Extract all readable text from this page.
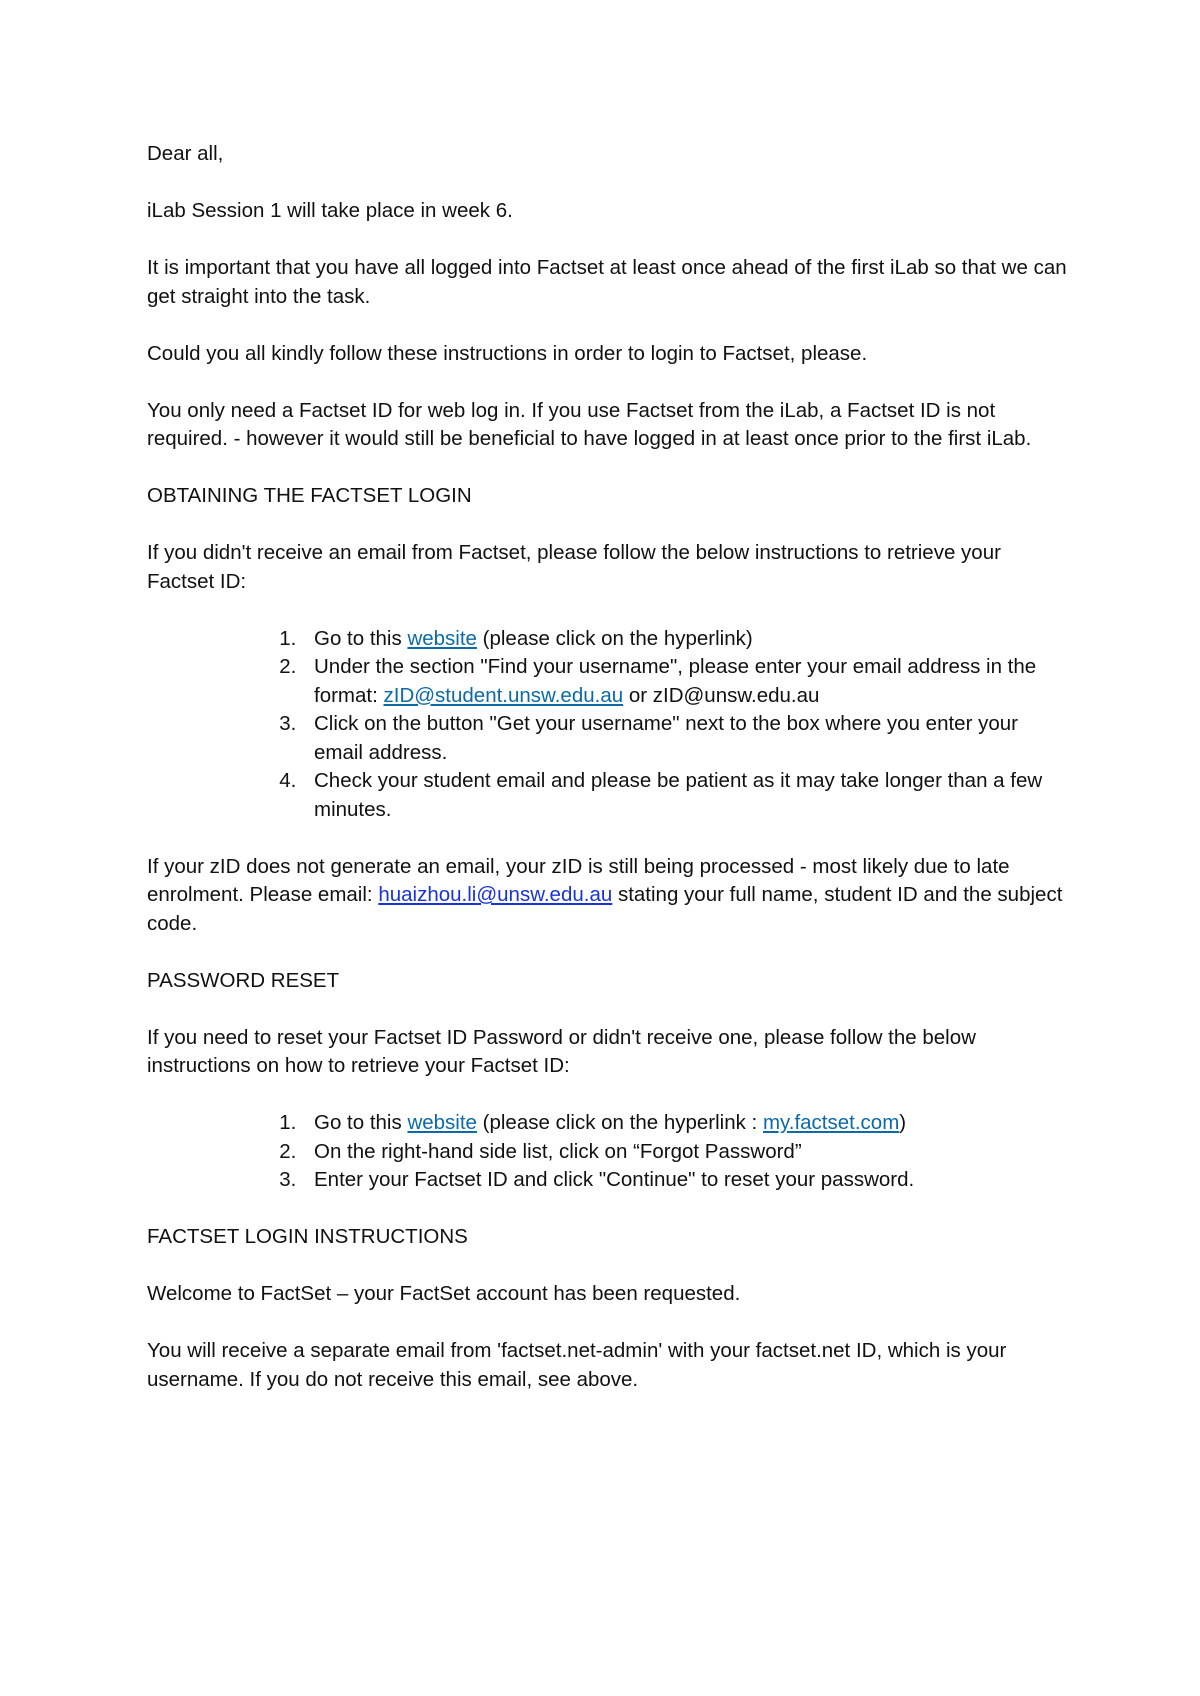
Dear all,

iLab Session 1 will take place in week 6.

It is important that you have all logged into Factset at least once ahead of the first iLab so that we can get straight into the task.

Could you all kindly follow these instructions in order to login to Factset, please.

You only need a Factset ID for web log in. If you use Factset from the iLab, a Factset ID is not required. - however it would still be beneficial to have logged in at least once prior to the first iLab.

OBTAINING THE FACTSET LOGIN

If you didn't receive an email from Factset, please follow the below instructions to retrieve your Factset ID:

1. Go to this website (please click on the hyperlink)
2. Under the section "Find your username", please enter your email address in the format: zID@student.unsw.edu.au or zID@unsw.edu.au
3. Click on the button "Get your username" next to the box where you enter your email address.
4. Check your student email and please be patient as it may take longer than a few minutes.

If your zID does not generate an email, your zID is still being processed - most likely due to late enrolment. Please email: huaizhou.li@unsw.edu.au stating your full name, student ID and the subject code.

PASSWORD RESET

If you need to reset your Factset ID Password or didn't receive one, please follow the below instructions on how to retrieve your Factset ID:

1. Go to this website (please click on the hyperlink : my.factset.com)
2. On the right-hand side list, click on “Forgot Password”
3. Enter your Factset ID and click "Continue" to reset your password.

FACTSET LOGIN INSTRUCTIONS

Welcome to FactSet – your FactSet account has been requested.

You will receive a separate email from 'factset.net-admin' with your factset.net ID, which is your username. If you do not receive this email, see above.
